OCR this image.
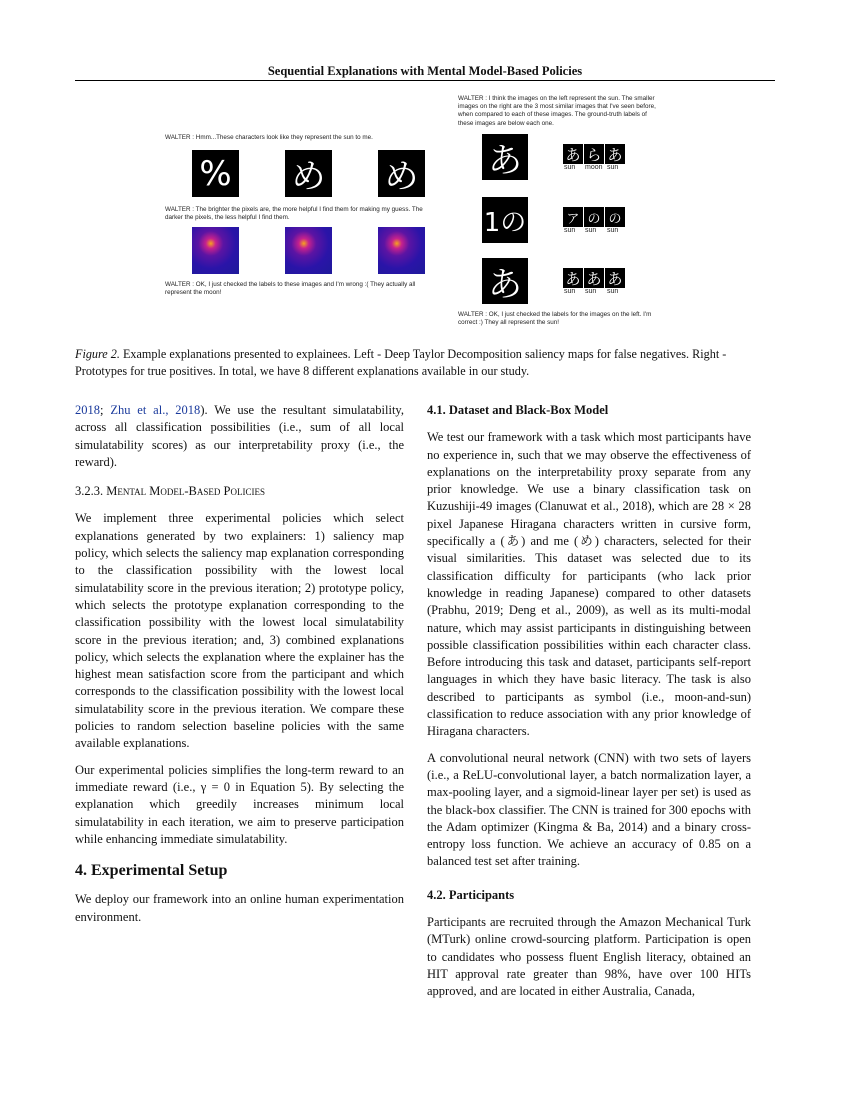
Sequential Explanations with Mental Model-Based Policies
WALTER : Hmm...These characters look like they represent the sun to me.
% め め
WALTER : The brighter the pixels are, the more helpful I find them for making my guess. The darker the pixels, the less helpful I find them.
WALTER : OK, I just checked the labels to these images and I'm wrong :( They actually all represent the moon!
WALTER : I think the images on the left represent the sun. The smaller images on the right are the 3 most similar images that I've seen before, when compared to each of these images. The ground-truth labels of these images are below each one.
あ	あ ら あ
sun moon sun
1の	ア の の
sun sun sun
あ	あ あ あ
sun sun sun
WALTER : OK, I just checked the labels for the images on the left. I'm correct :) They all represent the sun!
Figure 2. Example explanations presented to explainees. Left - Deep Taylor Decomposition saliency maps for false negatives. Right - Prototypes for true positives. In total, we have 8 different explanations available in our study.

2018; Zhu et al., 2018). We use the resultant simulatability, across all classification possibilities (i.e., sum of all local simulatability scores) as our interpretability proxy (i.e., the reward).

3.2.3. Mental Model-Based Policies

We implement three experimental policies which select explanations generated by two explainers: 1) saliency map policy, which selects the saliency map explanation corresponding to the classification possibility with the lowest local simulatability score in the previous iteration; 2) prototype policy, which selects the prototype explanation corresponding to the classification possibility with the lowest local simulatability score in the previous iteration; and, 3) combined explanations policy, which selects the explanation where the explainer has the highest mean satisfaction score from the participant and which corresponds to the classification possibility with the lowest local simulatability score in the previous iteration. We compare these policies to random selection baseline policies with the same available explanations.

Our experimental policies simplifies the long-term reward to an immediate reward (i.e., γ = 0 in Equation 5). By selecting the explanation which greedily increases minimum local simulatability in each iteration, we aim to preserve participation while enhancing immediate simulatability.

4. Experimental Setup

We deploy our framework into an online human experimentation environment.

4.1. Dataset and Black-Box Model

We test our framework with a task which most participants have no experience in, such that we may observe the effectiveness of explanations on the interpretability proxy separate from any prior knowledge. We use a binary classification task on Kuzushiji-49 images (Clanuwat et al., 2018), which are 28 × 28 pixel Japanese Hiragana characters written in cursive form, specifically a (あ) and me (め) characters, selected for their visual similarities. This dataset was selected due to its classification difficulty for participants (who lack prior knowledge in reading Japanese) compared to other datasets (Prabhu, 2019; Deng et al., 2009), as well as its multi-modal nature, which may assist participants in distinguishing between possible classification possibilities within each character class. Before introducing this task and dataset, participants self-report languages in which they have basic literacy. The task is also described to participants as symbol (i.e., moon-and-sun) classification to reduce association with any prior knowledge of Hiragana characters.

A convolutional neural network (CNN) with two sets of layers (i.e., a ReLU-convolutional layer, a batch normalization layer, a max-pooling layer, and a sigmoid-linear layer per set) is used as the black-box classifier. The CNN is trained for 300 epochs with the Adam optimizer (Kingma & Ba, 2014) and a binary cross-entropy loss function. We achieve an accuracy of 0.85 on a balanced test set after training.

4.2. Participants

Participants are recruited through the Amazon Mechanical Turk (MTurk) online crowd-sourcing platform. Participation is open to candidates who possess fluent English literacy, obtained an HIT approval rate greater than 98%, have over 100 HITs approved, and are located in either Australia, Canada,
